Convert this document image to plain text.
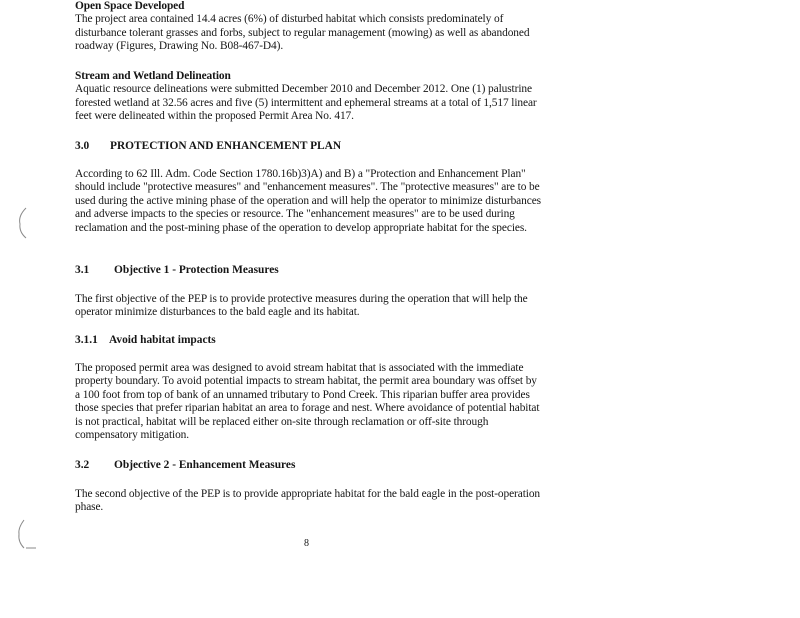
Open Space Developed
The project area contained 14.4 acres (6%) of disturbed habitat which consists predominately of disturbance tolerant grasses and forbs, subject to regular management (mowing) as well as abandoned roadway (Figures, Drawing No. B08-467-D4).

Stream and Wetland Delineation
Aquatic resource delineations were submitted December 2010 and December 2012. One (1) palustrine forested wetland at 32.56 acres and five (5) intermittent and ephemeral streams at a total of 1,517 linear feet were delineated within the proposed Permit Area No. 417.

3.0 PROTECTION AND ENHANCEMENT PLAN

According to 62 Ill. Adm. Code Section 1780.16b)3)A) and B) a "Protection and Enhancement Plan" should include "protective measures" and "enhancement measures". The "protective measures" are to be used during the active mining phase of the operation and will help the operator to minimize disturbances and adverse impacts to the species or resource. The "enhancement measures" are to be used during reclamation and the post-mining phase of the operation to develop appropriate habitat for the species.

3.1 Objective 1 - Protection Measures

The first objective of the PEP is to provide protective measures during the operation that will help the operator minimize disturbances to the bald eagle and its habitat.

3.1.1 Avoid habitat impacts

The proposed permit area was designed to avoid stream habitat that is associated with the immediate property boundary. To avoid potential impacts to stream habitat, the permit area boundary was offset by a 100 foot from top of bank of an unnamed tributary to Pond Creek. This riparian buffer area provides those species that prefer riparian habitat an area to forage and nest. Where avoidance of potential habitat is not practical, habitat will be replaced either on-site through reclamation or off-site through compensatory mitigation.

3.2 Objective 2 - Enhancement Measures

The second objective of the PEP is to provide appropriate habitat for the bald eagle in the post-operation phase.

8
